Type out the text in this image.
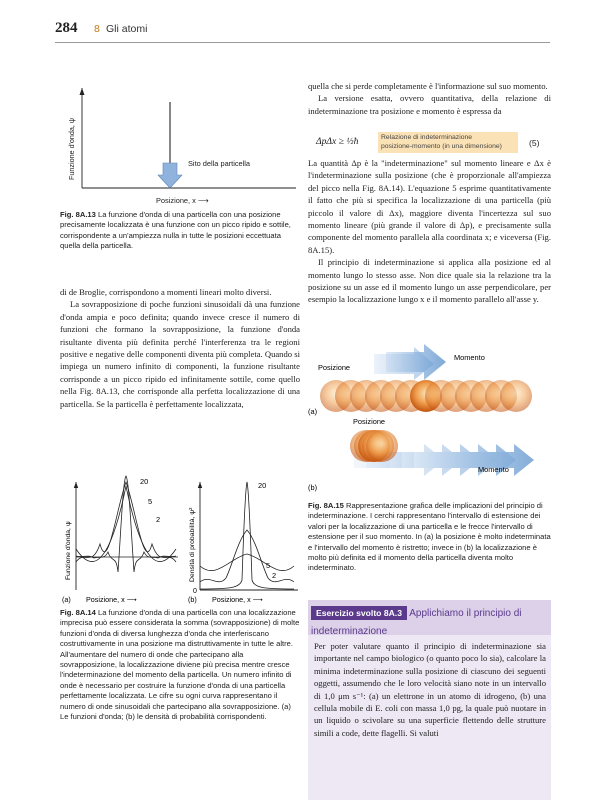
284 8 Gli atomi
Funzione d'onda, ψ	Sito della particella
Posizione, x ⟶

Fig. 8A.13 La funzione d'onda di una particella con una posizione precisamente localizzata è una funzione con un picco ripido e sottile, corrispondente a un'ampiezza nulla in tutte le posizioni eccettuata quella della particella.

di de Broglie, corrispondono a momenti lineari molto diversi.

La sovrapposizione di poche funzioni sinusoidali dà una funzione d'onda ampia e poco definita; quando invece cresce il numero di funzioni che formano la sovrapposizione, la funzione d'onda risultante diventa più definita perché l'interferenza tra le regioni positive e negative delle componenti diventa più completa. Quando si impiega un numero infinito di componenti, la funzione risultante corrisponde a un picco ripido ed infinitamente sottile, come quello nella Fig. 8A.13, che corrisponde alla perfetta localizzazione di una particella. Se la particella è perfettamente localizzata,

20
5
2
Funzione d'onda, ψ
(a) Posizione, x ⟶
20
5
2
0
Densità di probabilità, ψ²
(b) Posizione, x ⟶

Fig. 8A.14 La funzione d'onda di una particella con una localizzazione imprecisa può essere considerata la somma (sovrapposizione) di molte funzioni d'onda di diversa lunghezza d'onda che interferiscano costruttivamente in una posizione ma distruttivamente in tutte le altre. All'aumentare del numero di onde che partecipano alla sovrapposizione, la localizzazione diviene più precisa mentre cresce l'indeterminazione del momento della particella. Un numero infinito di onde è necessario per costruire la funzione d'onda di una particella perfettamente localizzata. Le cifre su ogni curva rappresentano il numero di onde sinusoidali che partecipano alla sovrapposizione. (a) Le funzioni d'onda; (b) le densità di probabilità corrispondenti.

quella che si perde completamente è l'informazione sul suo momento.

La versione esatta, ovvero quantitativa, della relazione di indeterminazione tra posizione e momento è espressa da

ΔpΔx ≥ ½ħ	Relazione di indeterminazione
posizione-momento (in una dimensione)	(5)

La quantità Δp è la "indeterminazione" sul momento lineare e Δx è l'indeterminazione sulla posizione (che è proporzionale all'ampiezza del picco nella Fig. 8A.14). L'equazione 5 esprime quantitativamente il fatto che più si specifica la localizzazione di una particella (più piccolo il valore di Δx), maggiore diventa l'incertezza sul suo momento lineare (più grande il valore di Δp), e precisamente sulla componente del momento parallela alla coordinata x; e viceversa (Fig. 8A.15).

Il principio di indeterminazione si applica alla posizione ed al momento lungo lo stesso asse. Non dice quale sia la relazione tra la posizione su un asse ed il momento lungo un asse perpendicolare, per esempio la localizzazione lungo x e il momento parallelo all'asse y.

Momento
Posizione
(a)
Posizione
Momento
(b)

Fig. 8A.15 Rappresentazione grafica delle implicazioni del principio di indeterminazione. I cerchi rappresentano l'intervallo di estensione dei valori per la localizzazione di una particella e le frecce l'intervallo di estensione per il suo momento. In (a) la posizione è molto indeterminata e l'intervallo del momento è ristretto; invece in (b) la localizzazione è molto più definita ed il momento della particella diventa molto indeterminato.

Esercizio svolto 8A.3 Applichiamo il principio di indeterminazione

Per poter valutare quanto il principio di indeterminazione sia importante nel campo biologico (o quanto poco lo sia), calcolare la minima indeterminazione sulla posizione di ciascuno dei seguenti oggetti, assumendo che le loro velocità siano note in un intervallo di 1,0 μm s⁻¹: (a) un elettrone in un atomo di idrogeno, (b) una cellula mobile di E. coli con massa 1,0 pg, la quale può nuotare in un liquido o scivolare su una superficie flettendo delle strutture simili a code, dette flagelli. Si valuti
